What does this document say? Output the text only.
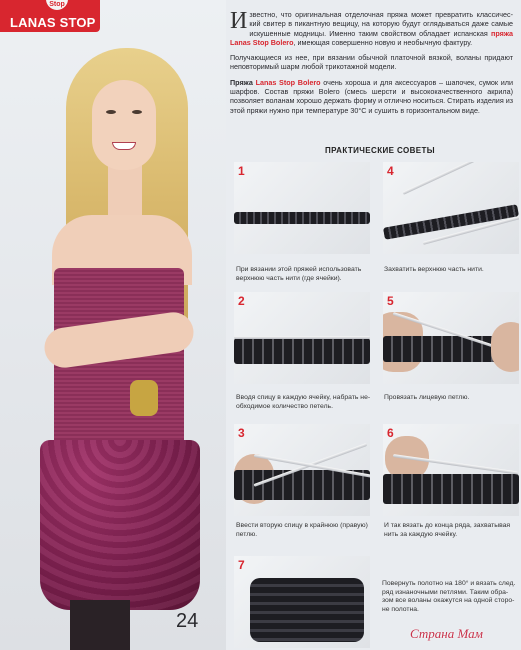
24
Stop
LANAS STOP	Известно, что оригинальная отделочная пряжа может превратить классичес-кий свитер в пикантную вещицу, на которую будут оглядываться даже самые искушенные модницы. Именно таким свойством обладает испанская пряжа Lanas Stop Bolero, имеющая совершенно новую и необычную фактуру.

Получающиеся из нее, при вязании обычной платочной вязкой, воланы придают неповторимый шарм любой трикотажной модели.

Пряжа Lanas Stop Bolero очень хороша и для аксессуаров – шапочек, сумок или шарфов. Состав пряжи Bolero (смесь шерсти и высококачественного акрила) позволяет воланам хорошо держать форму и отлично носиться. Стирать изделия из этой пряжи нужно при температуре 30°С и сушить в горизонтальном виде.

ПРАКТИЧЕСКИЕ СОВЕТЫ
1
При вязании этой пряжей использовать верхнюю часть нити (где ячейки).
4
Захватить верхнюю часть нити.
2
Вводя спицу в каждую ячейку, набрать не-обходимое количество петель.
5
Провязать лицевую петлю.
3
Ввести вторую спицу в крайнюю (правую) петлю.
6
И так вязать до конца ряда, захватывая нить за каждую ячейку.
7
Повернуть полотно на 180° и вязать след. ряд изнаночными петлями. Таким обра-зом все воланы окажутся на одной сторо-не полотна.
Страна Мам
